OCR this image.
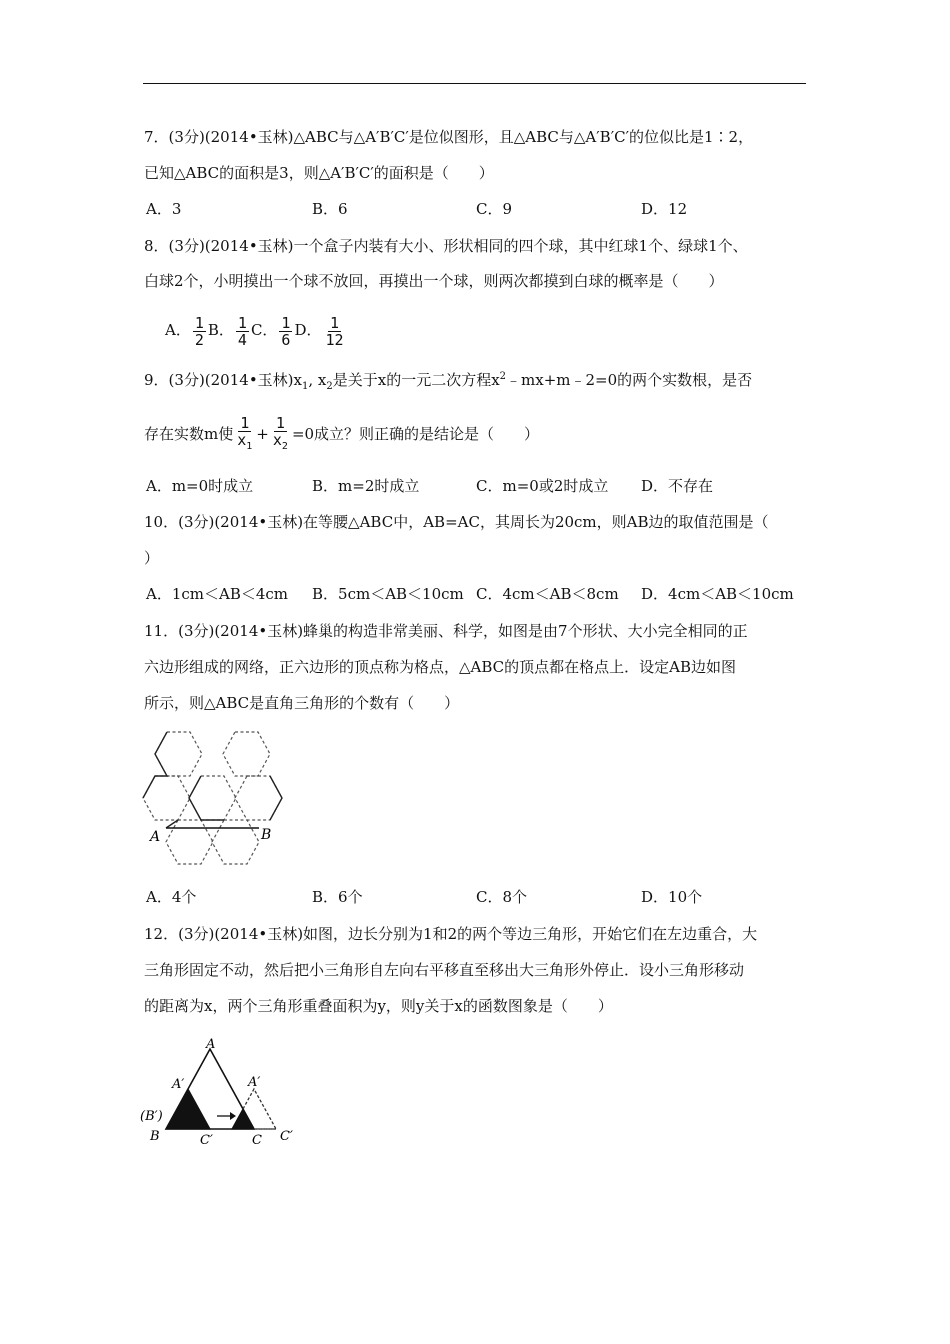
7．(3分)(2014•玉林)△ABC与△A′B′C′是位似图形，且△ABC与△A′B′C′的位似比是1∶2，
已知△ABC的面积是3，则△A′B′C′的面积是（　　）
A．3	B．6	C．9	D．12
8．(3分)(2014•玉林)一个盒子内装有大小、形状相同的四个球，其中红球1个、绿球1个、
白球2个，小明摸出一个球不放回，再摸出一个球，则两次都摸到白球的概率是（　　）
A． $\frac{1}{2}$ B． $\frac{1}{4}$ C． $\frac{1}{6}$ D． $\frac{1}{12}$
9．(3分)(2014•玉林)$x_1$, $x_2$是关于x的一元二次方程$x^2﹣mx+m﹣2=0$的两个实数根，是否
存在实数m使 $\frac{1}{x_1} + \frac{1}{x_2} =0$成立？则正确的是结论是（　　）
A．m=0时成立	B．m=2时成立	C．m=0或2时成立 D．不存在
10．(3分)(2014•玉林)在等腰△ABC中，AB=AC，其周长为20cm，则AB边的取值范围是（
）
A．1cm＜AB＜4cm B．5cm＜AB＜10cm C．4cm＜AB＜8cm D．4cm＜AB＜10cm
11．(3分)(2014•玉林)蜂巢的构造非常美丽、科学，如图是由7个形状、大小完全相同的正
六边形组成的网络，正六边形的顶点称为格点，△ABC的顶点都在格点上．设定AB边如图
所示，则△ABC是直角三角形的个数有（　　）
A	B
A．4个	B．6个	C．8个	D．10个
12．(3分)(2014•玉林)如图，边长分别为1和2的两个等边三角形，开始它们在左边重合，大
三角形固定不动，然后把小三角形自左向右平移直至移出大三角形外停止．设小三角形移动
的距离为x，两个三角形重叠面积为y，则y关于x的函数图象是（　　）
A
A′	A′
(B′)
B	C′	C C′
